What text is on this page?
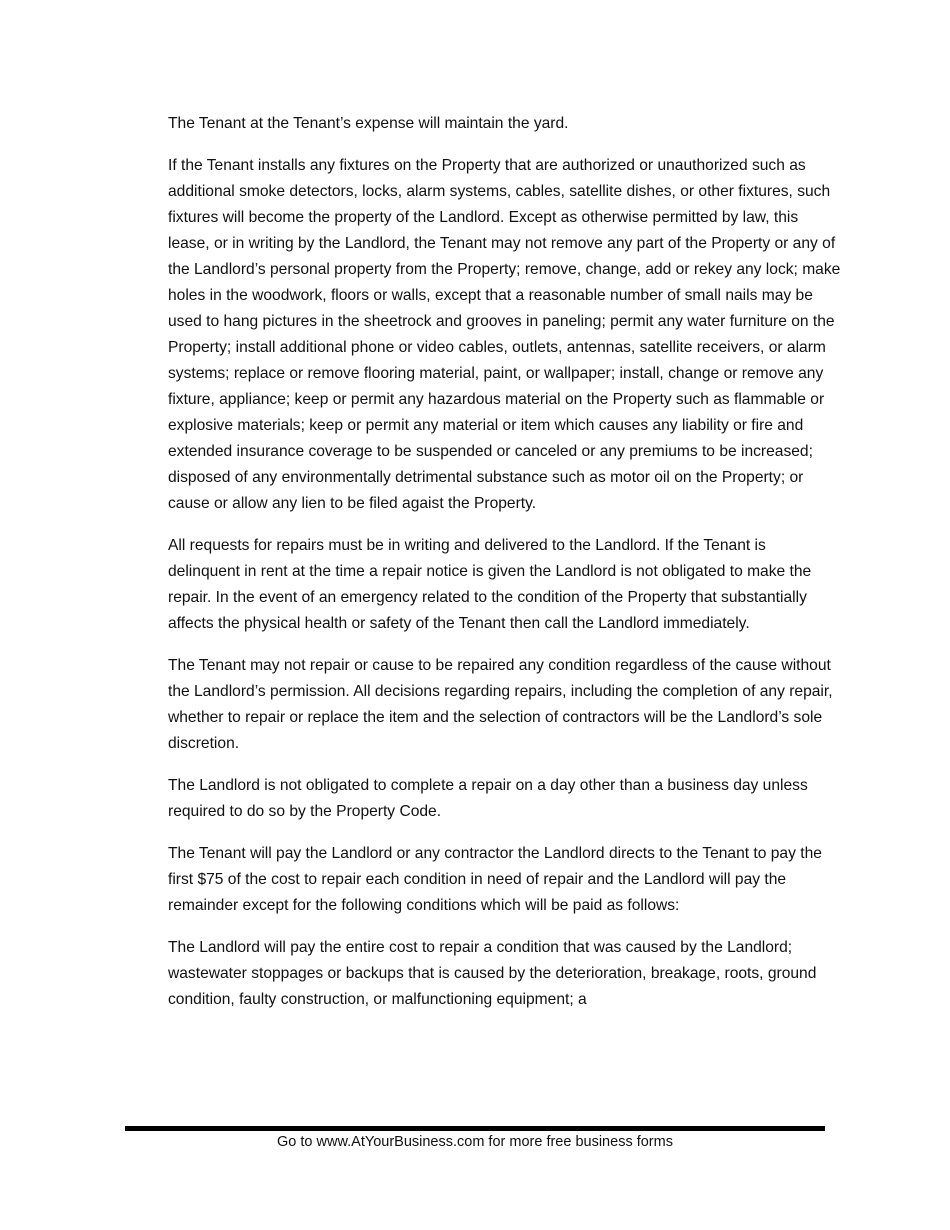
The Tenant at the Tenant’s expense will maintain the yard.

If the Tenant installs any fixtures on the Property that are authorized or unauthorized such as additional smoke detectors, locks, alarm systems, cables, satellite dishes, or other fixtures, such fixtures will become the property of the Landlord. Except as otherwise permitted by law, this lease, or in writing by the Landlord, the Tenant may not remove any part of the Property or any of the Landlord’s personal property from the Property; remove, change, add or rekey any lock; make holes in the woodwork, floors or walls, except that a reasonable number of small nails may be used to hang pictures in the sheetrock and grooves in paneling; permit any water furniture on the Property; install additional phone or video cables, outlets, antennas, satellite receivers, or alarm systems; replace or remove flooring material, paint, or wallpaper; install, change or remove any fixture, appliance; keep or permit any hazardous material on the Property such as flammable or explosive materials; keep or permit any material or item which causes any liability or fire and extended insurance coverage to be suspended or canceled or any premiums to be increased; disposed of any environmentally detrimental substance such as motor oil on the Property; or cause or allow any lien to be filed agaist the Property.

All requests for repairs must be in writing and delivered to the Landlord. If the Tenant is delinquent in rent at the time a repair notice is given the Landlord is not obligated to make the repair. In the event of an emergency related to the condition of the Property that substantially affects the physical health or safety of the Tenant then call the Landlord immediately.

The Tenant may not repair or cause to be repaired any condition regardless of the cause without the Landlord’s permission. All decisions regarding repairs, including the completion of any repair, whether to repair or replace the item and the selection of contractors will be the Landlord’s sole discretion.

The Landlord is not obligated to complete a repair on a day other than a business day unless required to do so by the Property Code.

The Tenant will pay the Landlord or any contractor the Landlord directs to the Tenant to pay the first $75 of the cost to repair each condition in need of repair and the Landlord will pay the remainder except for the following conditions which will be paid as follows:

The Landlord will pay the entire cost to repair a condition that was caused by the Landlord; wastewater stoppages or backups that is caused by the deterioration, breakage, roots, ground condition, faulty construction, or malfunctioning equipment; a

Go to www.AtYourBusiness.com for more free business forms
